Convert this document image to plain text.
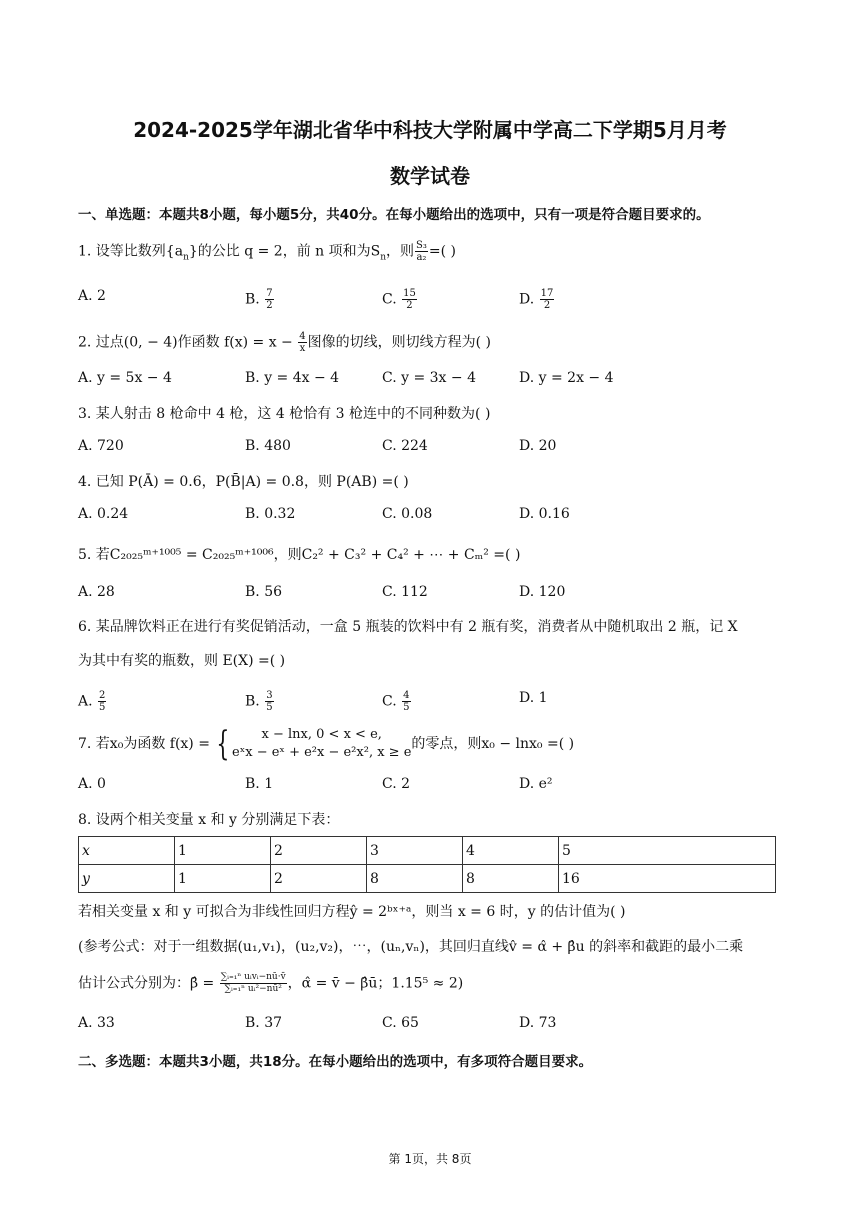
2024-2025学年湖北省华中科技大学附属中学高二下学期5月月考
数学试卷
一、单选题：本题共8小题，每小题5分，共40分。在每小题给出的选项中，只有一项是符合题目要求的。
1. 设等比数列$\{a_n\}$的公比 q = 2，前 n 项和为$S_n$，则 $\frac{\text{S₃}}{\text{a₂}}$ =( )
A. 2	B. $\frac{7}{2}$	C. $\frac{15}{2}$	D. $\frac{17}{2}$
2. 过点(0, − 4)作函数 $f(x) = x - \frac{4}{x}$ 图像的切线，则切线方程为( )
A. y = 5x − 4	B. y = 4x − 4	C. y = 3x − 4	D. y = 2x − 4
3. 某人射击 8 枪命中 4 枪，这 4 枪恰有 3 枪连中的不同种数为( )
A. 720	B. 480	C. 224	D. 20
4. 已知 P(Ā) = 0.6，P(B̄|A) = 0.8，则 P(AB) =( )
A. 0.24	B. 0.32	C. 0.08	D. 0.16
5. 若C₂₀₂₅ᵐ⁺¹⁰⁰⁵ = C₂₀₂₅ᵐ⁺¹⁰⁰⁶，则C₂² + C₃² + C₄² + ⋯ + Cₘ² =( )
A. 28	B. 56	C. 112	D. 120
6. 某品牌饮料正在进行有奖促销活动，一盒 5 瓶装的饮料中有 2 瓶有奖，消费者从中随机取出 2 瓶，记 X
为其中有奖的瓶数，则 E(X) =( )
A. $\frac{2}{5}$	B. $\frac{3}{5}$	C. $\frac{4}{5}$	D. 1
7. 若x₀为函数 f(x) = {	x − lnx, 0 < x < e,
eˣx − eˣ + e²x − e²x², x ≥ e
的零点，则x₀ − lnx₀ =( )
A. 0	B. 1	C. 2	D. e²
8. 设两个相关变量 x 和 y 分别满足下表：
x	1	2	3	4	5
y	1	2	8	8	16
若相关变量 x 和 y 可拟合为非线性回归方程ŷ = 2ᵇˣ⁺ᵃ，则当 x = 6 时，y 的估计值为( )
(参考公式：对于一组数据(u₁,v₁)，(u₂,v₂)，⋯，(uₙ,vₙ)，其回归直线v̂ = α̂ + β̂u 的斜率和截距的最小二乘
估计公式分别为：β̂ = $\frac{\text{∑ᵢ₌₁ⁿ uᵢvᵢ−nū·v̄}}{\text{∑ᵢ₌₁ⁿ uᵢ²−nū²}}$ ，α̂ = v̄ − β̂ū；1.15⁵ ≈ 2)
A. 33	B. 37	C. 65	D. 73
二、多选题：本题共3小题，共18分。在每小题给出的选项中，有多项符合题目要求。
第 1页，共 8页
